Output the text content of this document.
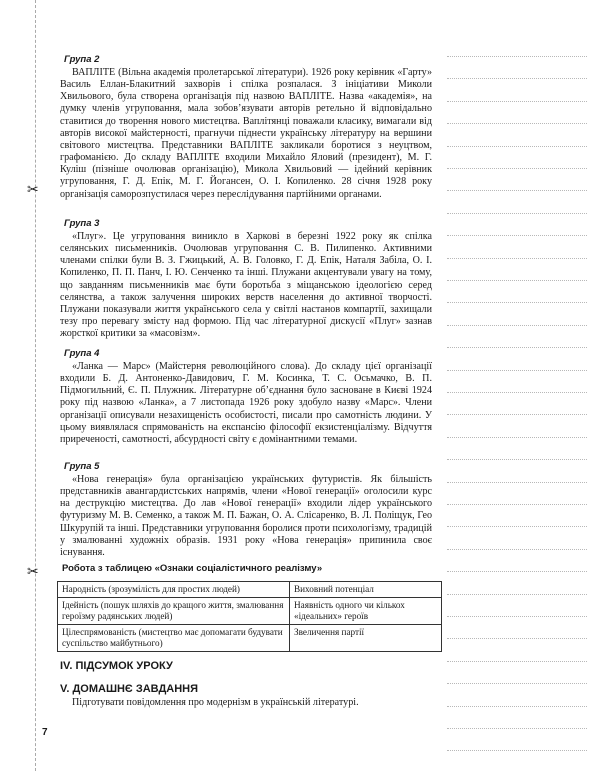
✂
✂
Група 2

ВАПЛІТЕ (Вільна академія пролетарської літератури). 1926 року керівник «Гарту» Василь Еллан-Блакитний захворів і спілка розпалася. З ініціативи Миколи Хвильового, була створена організація під назвою ВАПЛІТЕ. Назва «академія», на думку членів угруповання, мала зобов’язувати авторів ретельно й відповідально ставитися до творення нового мистецтва. Ваплітянці поважали класику, вимагали від авторів високої майстерності, прагнучи піднести українську літературу на вершини світового мистецтва. Представники ВАПЛІТЕ закликали боротися з неуцтвом, графоманією. До складу ВАПЛІТЕ входили Михайло Яловий (президент), М. Г. Куліш (пізніше очолював організацію), Микола Хвильовий — ідейний керівник угруповання, Г. Д. Епік, М. Г. Йогансен, О. І. Копиленко. 28 січня 1928 року організація саморозпустилася через переслідування партійними органами.

Група 3

«Плуг». Це угруповання виникло в Харкові в березні 1922 року як спілка селянських письменників. Очолював угруповання С. В. Пилипенко. Активними членами спілки були В. З. Гжицький, А. В. Головко, Г. Д. Епік, Наталя Забіла, О. І. Копиленко, П. П. Панч, І. Ю. Сенченко та інші. Плужани акцентували увагу на тому, що завданням письменників має бути боротьба з міщанською ідеологією серед селянства, а також залучення широких верств населення до активної творчості. Плужани показували життя українського села у світлі настанов компартії, захищали тезу про перевагу змісту над формою. Під час літературної дискусії «Плуг» зазнав жорсткої критики за «масовізм».

Група 4

«Ланка — Марс» (Майстерня революційного слова). До складу цієї організації входили Б. Д. Антоненко-Давидович, Г. М. Косинка, Т. С. Осьмачко, В. П. Підмогильний, Є. П. Плужник. Літературне об’єднання було засноване в Києві 1924 року під назвою «Ланка», а 7 листопада 1926 року здобуло назву «Марс». Члени організації описували незахищеність особистості, писали про самотність людини. У цьому виявлялася спрямованість на експансію філософії екзистенціалізму. Відчуття приреченості, самотності, абсурдності світу є домінантними темами.

Група 5

«Нова генерація» була організацією українських футуристів. Як більшість представників авангардистських напрямів, члени «Нової генерації» оголосили курс на деструкцію мистецтва. До лав «Нової генерації» входили лідер українського футуризму М. В. Семенко, а також М. П. Бажан, О. А. Слісаренко, В. Л. Поліщук, Гео Шкурупій та інші. Представники угруповання боролися проти психологізму, традицій у змалюванні художніх образів. 1931 року «Нова генерація» припинила своє існування.

Робота з таблицею «Ознаки соціалістичного реалізму»
Народність (зрозумілість для простих людей)	Виховний потенціал
Ідейність (пошук шляхів до кращого життя, змалювання героїзму радянських людей)	Наявність одного чи кількох «ідеальних» героїв
Цілеспрямованість (мистецтво має допомагати будувати суспільство майбутнього)	Звеличення партії
IV. ПІДСУМОК УРОКУ
V. ДОМАШНЄ ЗАВДАННЯ
Підготувати повідомлення про модернізм в українській літературі.
7
